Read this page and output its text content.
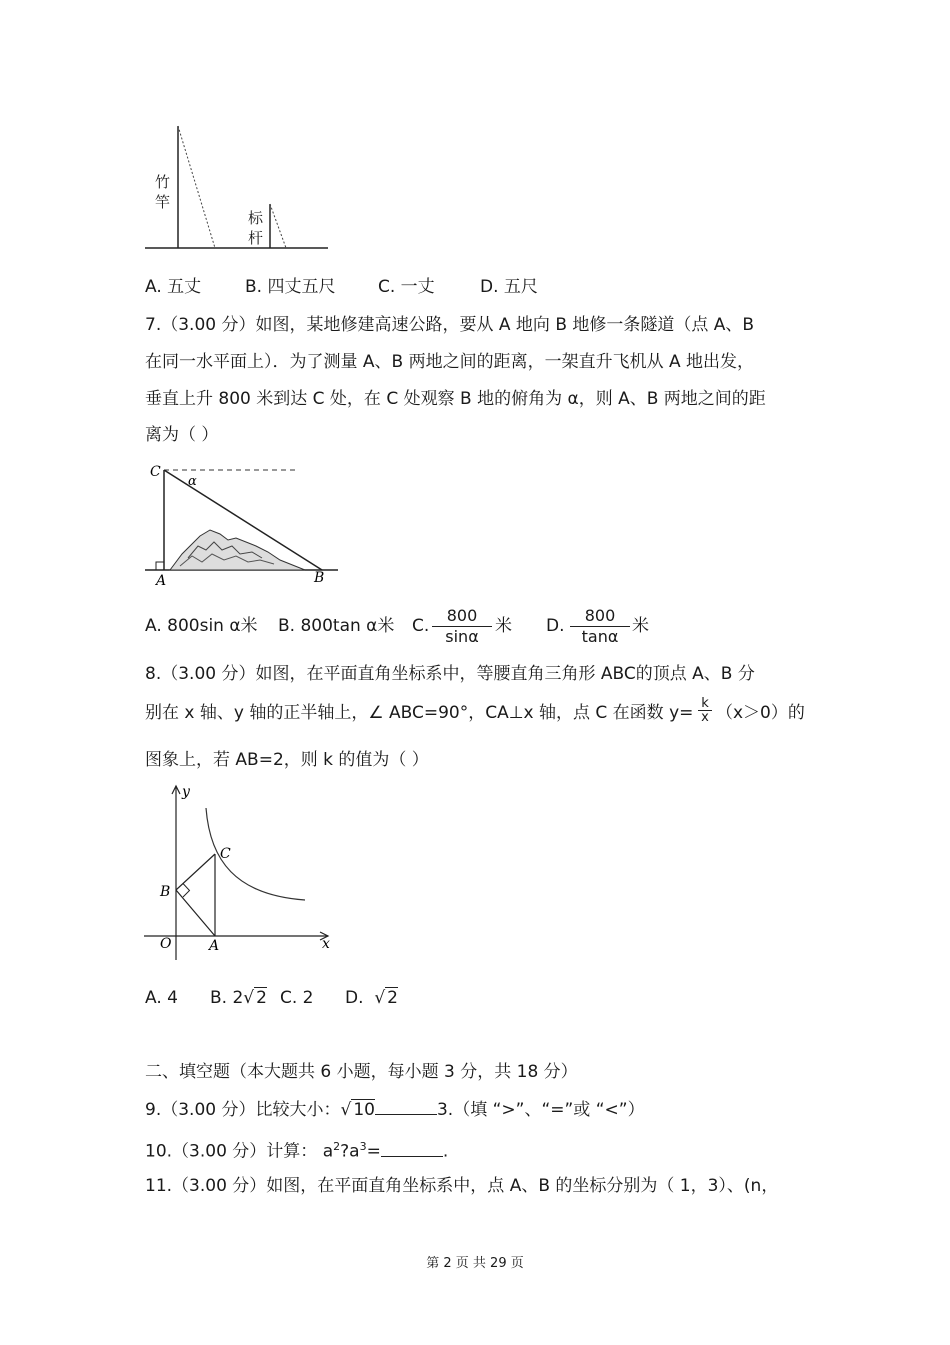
竹
竿
标
杆
A. 五丈	B. 四丈五尺	C. 一丈	D. 五尺
7.（3.00 分）如图，某地修建高速公路，要从 A 地向 B 地修一条隧道（点 A、B
在同一水平面上）．为了测量 A、B 两地之间的距离，一架直升飞机从 A 地出发，
垂直上升 800 米到达 C 处，在 C 处观察 B 地的俯角为 α，则 A、B 两地之间的距
离为（ ）
C
α
A	B
A. 800sin α米 B. 800tan α米 C. $\frac{800}{\sin\alpha}$ 米 D. $\frac{800}{\tan\alpha}$ 米
8.（3.00 分）如图，在平面直角坐标系中，等腰直角三角形 ABC的顶点 A、B 分
别在 x 轴、y 轴的正半轴上，∠ ABC=90°，CA⊥x 轴，点 C 在函数 $y= \frac{k}{x} (x>0)$的
图象上，若 AB=2，则 k 的值为（ ）
y
x
O	A
B
C
A. 4 B. 2√ 2 C. 2 D. √ 2
二、填空题（本大题共 6 小题，每小题 3 分，共 18 分）
9.（3.00 分）比较大小：√ 10	3.（填 “>”、“=”或 “<”）
10.（3.00 分）计算： $a^2?a^3=$	.
11.（3.00 分）如图，在平面直角坐标系中，点 A、B 的坐标分别为（ 1，3）、(n，
第 2 页 共 29 页
